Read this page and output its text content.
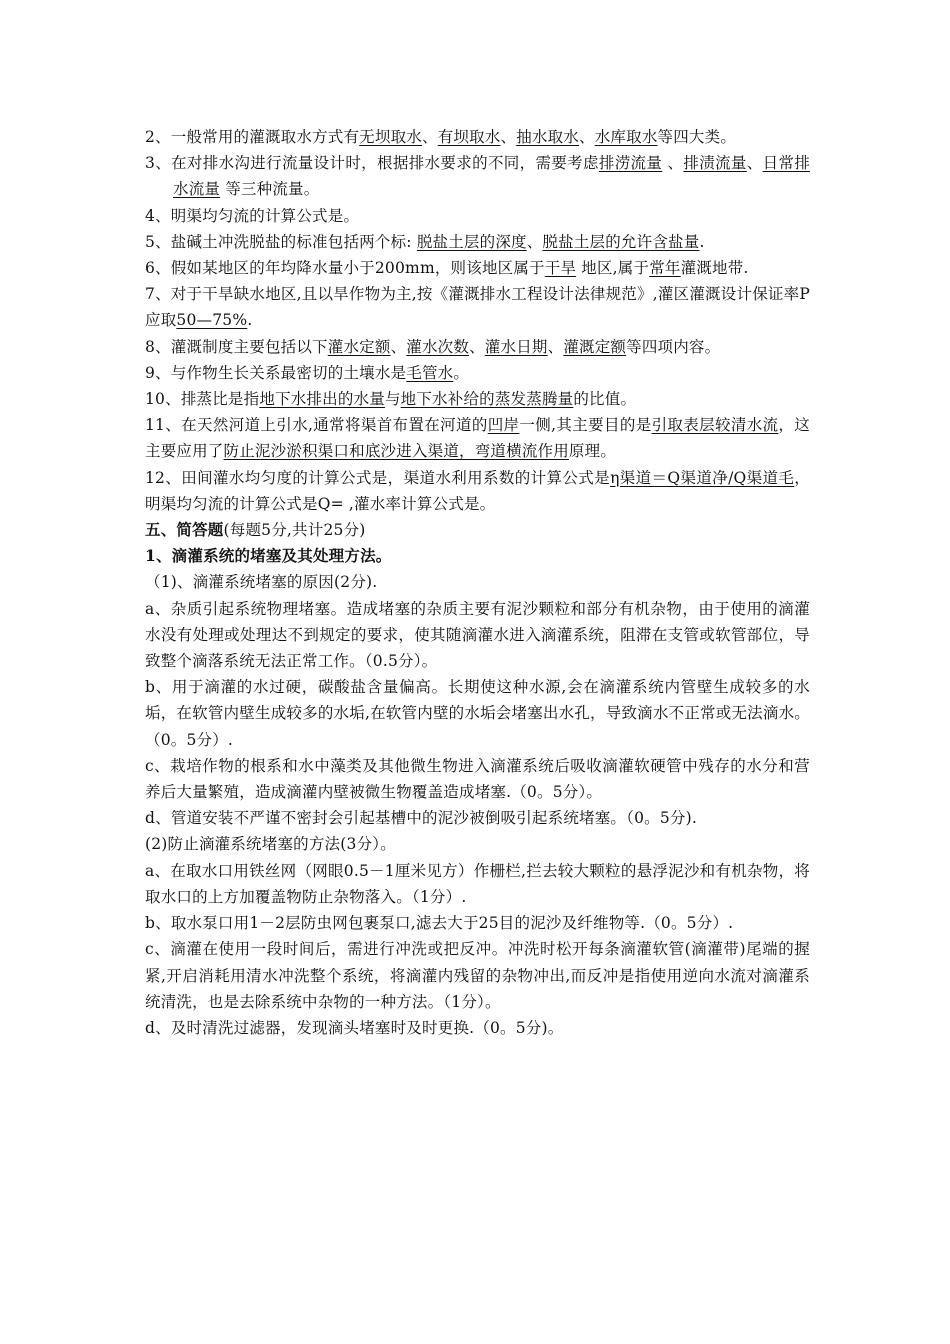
2、一般常用的灌溉取水方式有无坝取水、有坝取水、抽水取水、水库取水等四大类。

3、在对排水沟进行流量设计时，根据排水要求的不同，需要考虑排涝流量 、排渍流量、日常排水流量 等三种流量。

4、明渠均匀流的计算公式是。

5、盐碱土冲洗脱盐的标准包括两个标: 脱盐土层的深度、脱盐土层的允许含盐量.

6、假如某地区的年均降水量小于200mm，则该地区属于干旱 地区,属于常年灌溉地带.

7、对于干旱缺水地区,且以旱作物为主,按《灌溉排水工程设计法律规范》,灌区灌溉设计保证率P应取50—75%.

8、灌溉制度主要包括以下灌水定额、灌水次数、灌水日期、灌溉定额等四项内容。

9、与作物生长关系最密切的土壤水是毛管水。

10、排蒸比是指地下水排出的水量与地下水补给的蒸发蒸腾量的比值。

11、在天然河道上引水,通常将渠首布置在河道的凹岸一侧,其主要目的是引取表层较清水流，这主要应用了防止泥沙淤积渠口和底沙进入渠道，弯道横流作用原理。

12、田间灌水均匀度的计算公式是，渠道水利用系数的计算公式是η渠道＝Q渠道净/Q渠道毛，明渠均匀流的计算公式是Q= ,灌水率计算公式是。

五、简答题(每题5分,共计25分)

1、滴灌系统的堵塞及其处理方法。

（1)、滴灌系统堵塞的原因(2分).

a、杂质引起系统物理堵塞。造成堵塞的杂质主要有泥沙颗粒和部分有机杂物，由于使用的滴灌水没有处理或处理达不到规定的要求，使其随滴灌水进入滴灌系统，阻滞在支管或软管部位，导致整个滴落系统无法正常工作。（0.5分）。

b、用于滴灌的水过硬，碳酸盐含量偏高。长期使这种水源,会在滴灌系统内管壁生成较多的水垢，在软管内壁生成较多的水垢,在软管内壁的水垢会堵塞出水孔，导致滴水不正常或无法滴水。（0。5分）.

c、栽培作物的根系和水中藻类及其他微生物进入滴灌系统后吸收滴灌软硬管中残存的水分和营养后大量繁殖，造成滴灌内壁被微生物覆盖造成堵塞.（0。5分）。

d、管道安装不严谨不密封会引起基槽中的泥沙被倒吸引起系统堵塞。（0。5分).

(2)防止滴灌系统堵塞的方法(3分）。

a、在取水口用铁丝网（网眼0.5－1厘米见方）作栅栏,拦去较大颗粒的悬浮泥沙和有机杂物，将取水口的上方加覆盖物防止杂物落入。（1分）.

b、取水泵口用1－2层防虫网包裹泵口,滤去大于25目的泥沙及纤维物等.（0。5分）.

c、滴灌在使用一段时间后，需进行冲洗或把反冲。冲洗时松开每条滴灌软管(滴灌带)尾端的握紧,开启消耗用清水冲洗整个系统，将滴灌内残留的杂物冲出,而反冲是指使用逆向水流对滴灌系统清洗，也是去除系统中杂物的一种方法。（1分）。

d、及时清洗过滤器，发现滴头堵塞时及时更换.（0。5分)。
